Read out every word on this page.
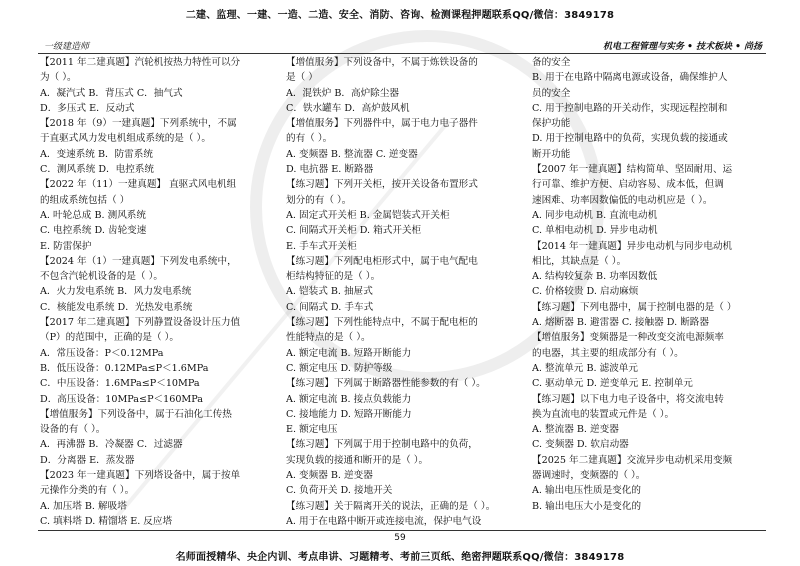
二建、监理、一建、一造、二造、安全、消防、咨询、检测课程押题联系QQ/微信：3849178
一级建造师	机电工程管理与实务 • 技术板块 • 尚扬
【2011 年二建真题】汽轮机按热力特性可以分
为（ ）。
A．凝汽式 B．背压式 C．抽气式
D．多压式 E．反动式
【2018 年（9）一建真题】下列系统中，不属
于直驱式风力发电机组成系统的是（ ）。
A．变速系统 B．防雷系统
C．测风系统 D．电控系统
【2022 年（11）一建真题】 直驱式风电机组
的组成系统包括（ ）
A. 叶轮总成 B. 测风系统
C. 电控系统 D. 齿轮变速
E. 防雷保护
【2024 年（1）一建真题】下列发电系统中，
不包含汽轮机设备的是（ ）。
A．火力发电系统 B．风力发电系统
C．核能发电系统 D．光热发电系统
【2017 年二建真题】下列静置设备设计压力值
（P）的范围中，正确的是（ ）。
A．常压设备：P＜0.12MPa
B．低压设备：0.12MPa≤P＜1.6MPa
C．中压设备：1.6MPa≤P＜10MPa
D．高压设备：10MPa≤P＜160MPa
【增值服务】下列设备中，属于石油化工传热
设备的有（ ）。
A．再沸器 B．冷凝器 C．过滤器
D．分离器 E．蒸发器
【2023 年一建真题】下列塔设备中，属于按单
元操作分类的有（ ）。
A. 加压塔 B. 解吸塔
C. 填料塔 D. 精馏塔 E. 反应塔
【增值服务】下列设备中，不属于炼铁设备的
是（ ）
A．混铁炉 B．高炉除尘器
C．铁水罐车 D．高炉鼓风机
【增值服务】下列器件中，属于电力电子器件
的有（ ）。
A. 变频器 B. 整流器 C. 逆变器
D. 电抗器 E. 断路器
【练习题】下列开关柜，按开关设备布置形式
划分的有（ ）。
A. 固定式开关柜 B. 金属铠装式开关柜
C. 间隔式开关柜 D. 箱式开关柜
E. 手车式开关柜
【练习题】下列配电柜形式中，属于电气配电
柜结构特征的是（ ）。
A. 铠装式 B. 抽屉式
C. 间隔式 D. 手车式
【练习题】下列性能特点中，不属于配电柜的
性能特点的是（ ）。
A. 额定电流 B. 短路开断能力
C. 额定电压 D. 防护等级
【练习题】下列属于断路器性能参数的有（ ）。
A. 额定电流 B. 接点负载能力
C. 接地能力 D. 短路开断能力
E. 额定电压
【练习题】下列属于用于控制电路中的负荷，
实现负载的接通和断开的是（ ）。
A. 变频器 B. 逆变器
C. 负荷开关 D. 接地开关
【练习题】关于隔离开关的说法，正确的是（ ）。
A. 用于在电路中断开或连接电流，保护电气设
备的安全
B. 用于在电路中隔离电源或设备，确保维护人
员的安全
C. 用于控制电路的开关动作，实现远程控制和
保护功能
D. 用于控制电路中的负荷，实现负载的接通或
断开功能
【2007 年一建真题】结构简单、坚固耐用、运
行可靠、维护方便、启动容易、成本低，但调
速困难、功率因数偏低的电动机应是（ ）。
A. 同步电动机 B. 直流电动机
C. 单相电动机 D. 异步电动机
【2014 年一建真题】异步电动机与同步电动机
相比，其缺点是（ ）。
A. 结构较复杂 B. 功率因数低
C. 价格较贵 D. 启动麻烦
【练习题】下列电器中，属于控制电器的是（ ）
A. 熔断器 B. 避雷器 C. 接触器 D. 断路器
【增值服务】变频器是一种改变交流电源频率
的电器，其主要的组成部分有（ ）。
A. 整流单元 B. 滤波单元
C. 驱动单元 D. 逆变单元 E. 控制单元
【练习题】以下电力电子设备中，将交流电转
换为直流电的装置或元件是（ ）。
A. 整流器 B. 逆变器
C. 变频器 D. 软启动器
【2025 年二建真题】交流异步电动机采用变频
器调速时，变频器的（ ）。
A. 输出电压性质是变化的
B. 输出电压大小是变化的
59
名师面授精华、央企内训、考点串讲、习题精考、考前三页纸、绝密押题联系QQ/微信：3849178
